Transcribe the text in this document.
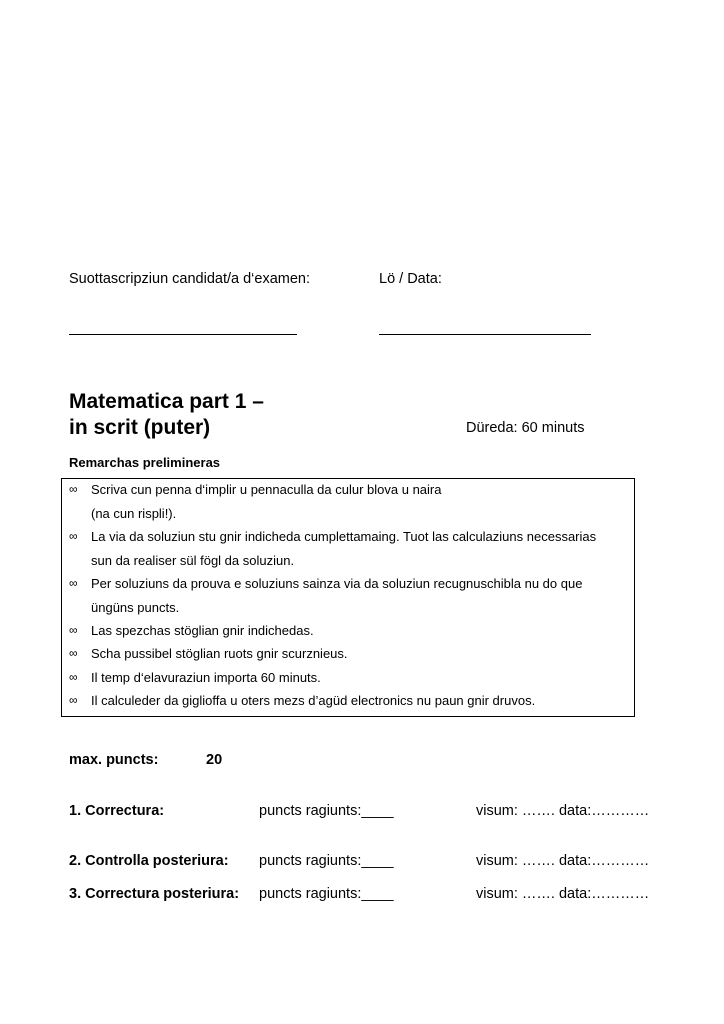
Suottascripziun candidat/a d‘examen:	Lö / Data:
Matematica part 1 –
in scrit (puter)	Düreda: 60 minuts
Remarchas prelimineras
∞	Scriva cun penna d‘implir u pennaculla da culur blova u naira
(na cun rispli!).
∞	La via da soluziun stu gnir indicheda cumplettamaing. Tuot las calculaziuns necessarias
sun da realiser sül fögl da soluziun.
∞	Per soluziuns da prouva e soluziuns sainza via da soluziun recugnuschibla nu do que
üngüns puncts.
∞	Las spezchas stöglian gnir indichedas.
∞	Scha pussibel stöglian ruots gnir scurznieus.
∞	Il temp d‘elavuraziun importa 60 minuts.
∞	Il calculeder da giglioffa u oters mezs d’agüd electronics nu paun gnir druvos.
max. puncts:	20
1. Correctura:	puncts ragiunts:____	visum: ……. data:…………
2. Controlla posteriura: puncts ragiunts:____	visum: ……. data:…………
3. Correctura posteriura: puncts ragiunts:____	visum: ……. data:…………
